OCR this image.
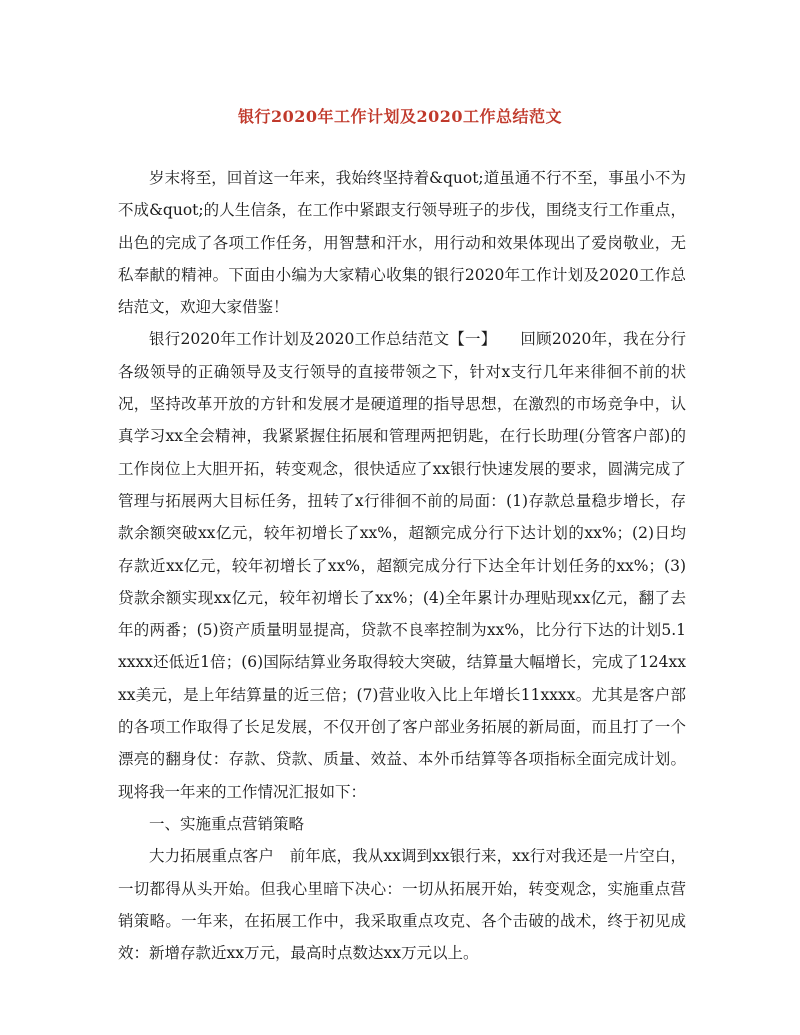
银行2020年工作计划及2020工作总结范文

岁末将至，回首这一年来，我始终坚持着&quot;道虽通不行不至，事虽小不为不成&quot;的人生信条，在工作中紧跟支行领导班子的步伐，围绕支行工作重点，出色的完成了各项工作任务，用智慧和汗水，用行动和效果体现出了爱岗敬业，无私奉献的精神。下面由小编为大家精心收集的银行2020年工作计划及2020工作总结范文，欢迎大家借鉴！

银行2020年工作计划及2020工作总结范文【一】　　回顾2020年，我在分行各级领导的正确领导及支行领导的直接带领之下，针对x支行几年来徘徊不前的状况，坚持改革开放的方针和发展才是硬道理的指导思想，在激烈的市场竞争中，认真学习xx全会精神，我紧紧握住拓展和管理两把钥匙，在行长助理(分管客户部)的工作岗位上大胆开拓，转变观念，很快适应了xx银行快速发展的要求，圆满完成了管理与拓展两大目标任务，扭转了x行徘徊不前的局面：(1)存款总量稳步增长，存款余额突破xx亿元，较年初增长了xx%，超额完成分行下达计划的xx%；(2)日均存款近xx亿元，较年初增长了xx%，超额完成分行下达全年计划任务的xx%；(3)贷款余额实现xx亿元，较年初增长了xx%；(4)全年累计办理贴现xx亿元，翻了去年的两番；(5)资产质量明显提高，贷款不良率控制为xx%，比分行下达的计划5.1xxxx还低近1倍；(6)国际结算业务取得较大突破，结算量大幅增长，完成了124xxxx美元，是上年结算量的近三倍；(7)营业收入比上年增长11xxxx。尤其是客户部的各项工作取得了长足发展，不仅开创了客户部业务拓展的新局面，而且打了一个漂亮的翻身仗：存款、贷款、质量、效益、本外币结算等各项指标全面完成计划。现将我一年来的工作情况汇报如下：

一、实施重点营销策略

大力拓展重点客户　前年底，我从xx调到xx银行来，xx行对我还是一片空白，一切都得从头开始。但我心里暗下决心：一切从拓展开始，转变观念，实施重点营销策略。一年来，在拓展工作中，我采取重点攻克、各个击破的战术，终于初见成效：新增存款近xx万元，最高时点数达xx万元以上。
